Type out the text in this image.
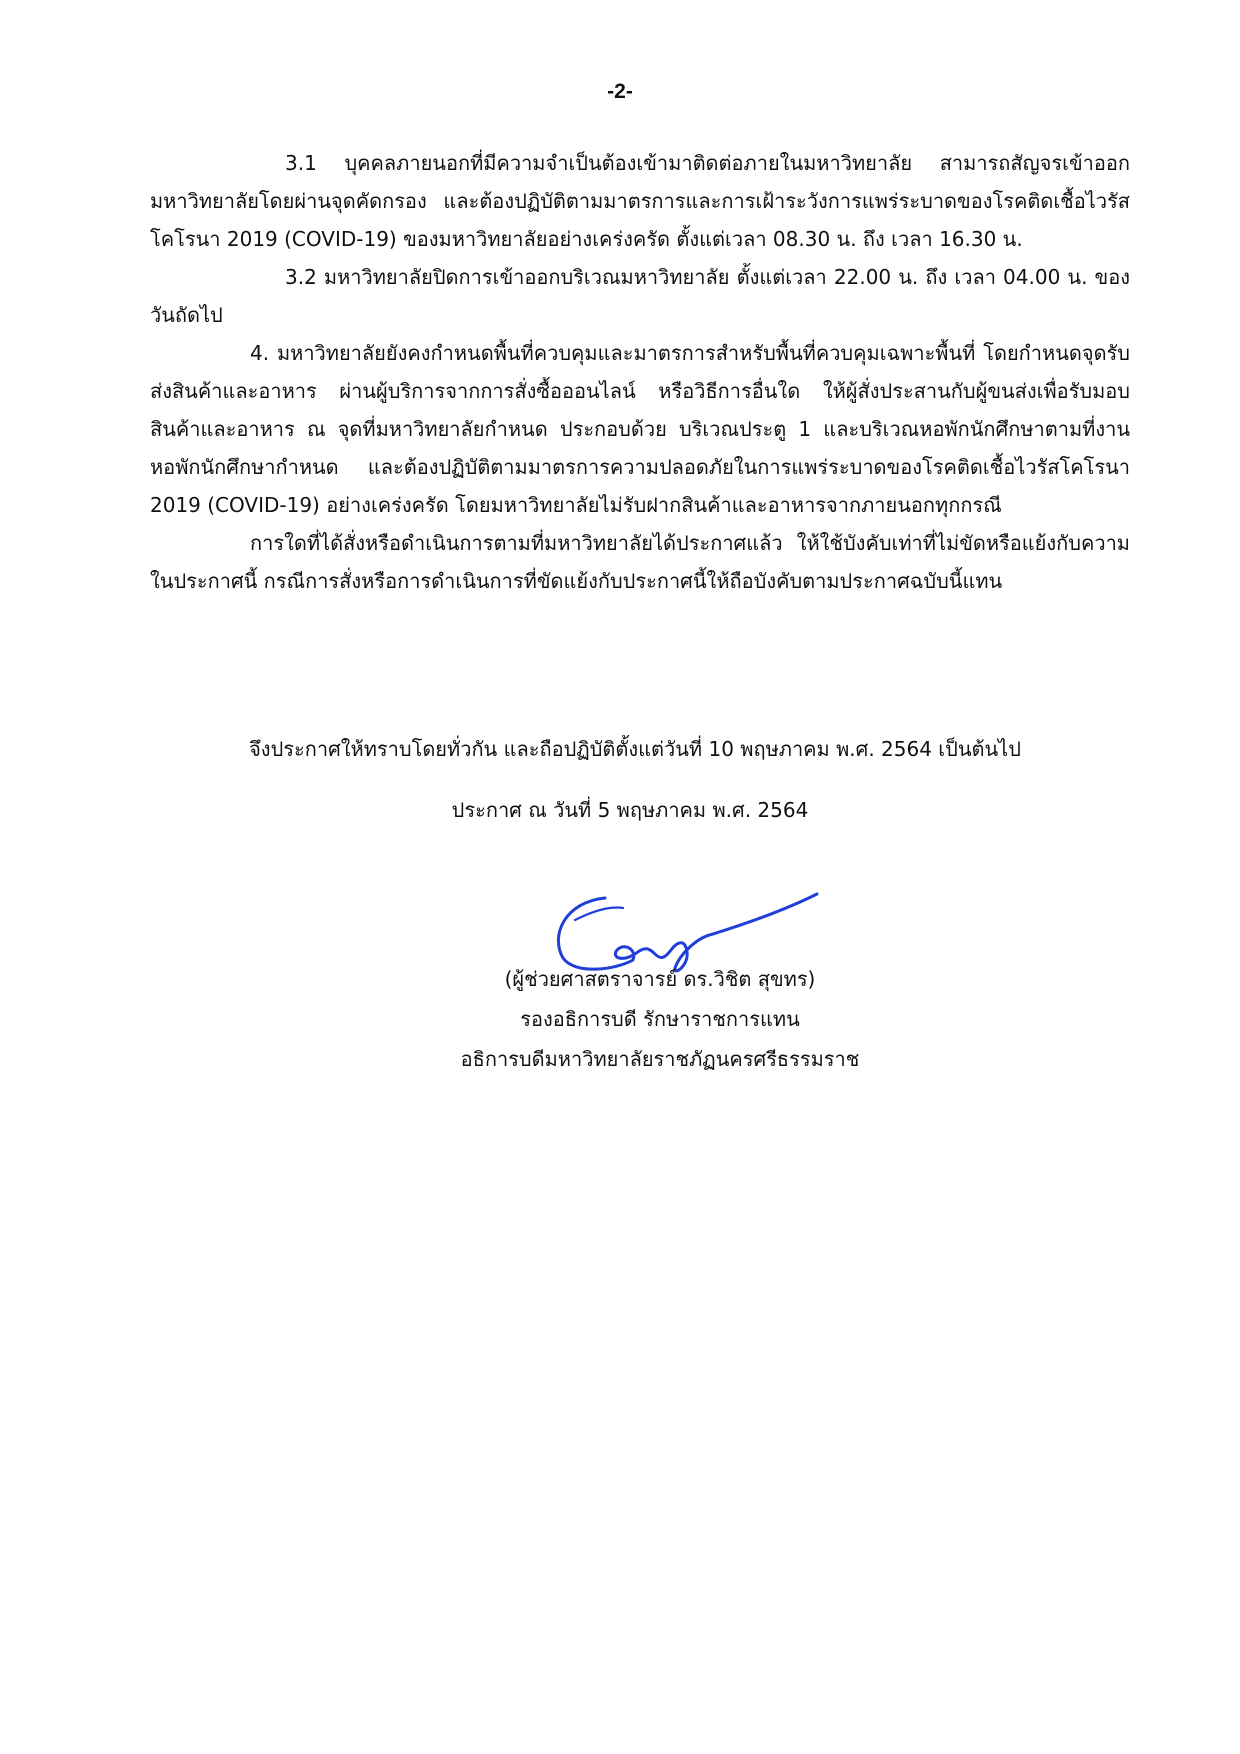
-2-

3.1 บุคคลภายนอกที่มีความจำเป็นต้องเข้ามาติดต่อภายในมหาวิทยาลัย สามารถสัญจรเข้าออกมหาวิทยาลัยโดยผ่านจุดคัดกรอง และต้องปฏิบัติตามมาตรการและการเฝ้าระวังการแพร่ระบาดของโรคติดเชื้อไวรัสโคโรนา 2019 (COVID-19) ของมหาวิทยาลัยอย่างเคร่งครัด ตั้งแต่เวลา 08.30 น. ถึง เวลา 16.30 น.

3.2 มหาวิทยาลัยปิดการเข้าออกบริเวณมหาวิทยาลัย ตั้งแต่เวลา 22.00 น. ถึง เวลา 04.00 น. ของวันถัดไป

4. มหาวิทยาลัยยังคงกำหนดพื้นที่ควบคุมและมาตรการสำหรับพื้นที่ควบคุมเฉพาะพื้นที่ โดยกำหนดจุดรับส่งสินค้าและอาหาร ผ่านผู้บริการจากการสั่งซื้อออนไลน์ หรือวิธีการอื่นใด ให้ผู้สั่งประสานกับผู้ขนส่งเพื่อรับมอบสินค้าและอาหาร ณ จุดที่มหาวิทยาลัยกำหนด ประกอบด้วย บริเวณประตู 1 และบริเวณหอพักนักศึกษาตามที่งานหอพักนักศึกษากำหนด และต้องปฏิบัติตามมาตรการความปลอดภัยในการแพร่ระบาดของโรคติดเชื้อไวรัสโคโรนา 2019 (COVID-19) อย่างเคร่งครัด โดยมหาวิทยาลัยไม่รับฝากสินค้าและอาหารจากภายนอกทุกกรณี

การใดที่ได้สั่งหรือดำเนินการตามที่มหาวิทยาลัยได้ประกาศแล้ว ให้ใช้บังคับเท่าที่ไม่ขัดหรือแย้งกับความในประกาศนี้ กรณีการสั่งหรือการดำเนินการที่ขัดแย้งกับประกาศนี้ให้ถือบังคับตามประกาศฉบับนี้แทน

จึงประกาศให้ทราบโดยทั่วกัน และถือปฏิบัติตั้งแต่วันที่ 10 พฤษภาคม พ.ศ. 2564 เป็นต้นไป
ประกาศ ณ วันที่ 5 พฤษภาคม พ.ศ. 2564
(ผู้ช่วยศาสตราจารย์ ดร.วิชิต สุขทร)
รองอธิการบดี รักษาราชการแทน
อธิการบดีมหาวิทยาลัยราชภัฏนครศรีธรรมราช
